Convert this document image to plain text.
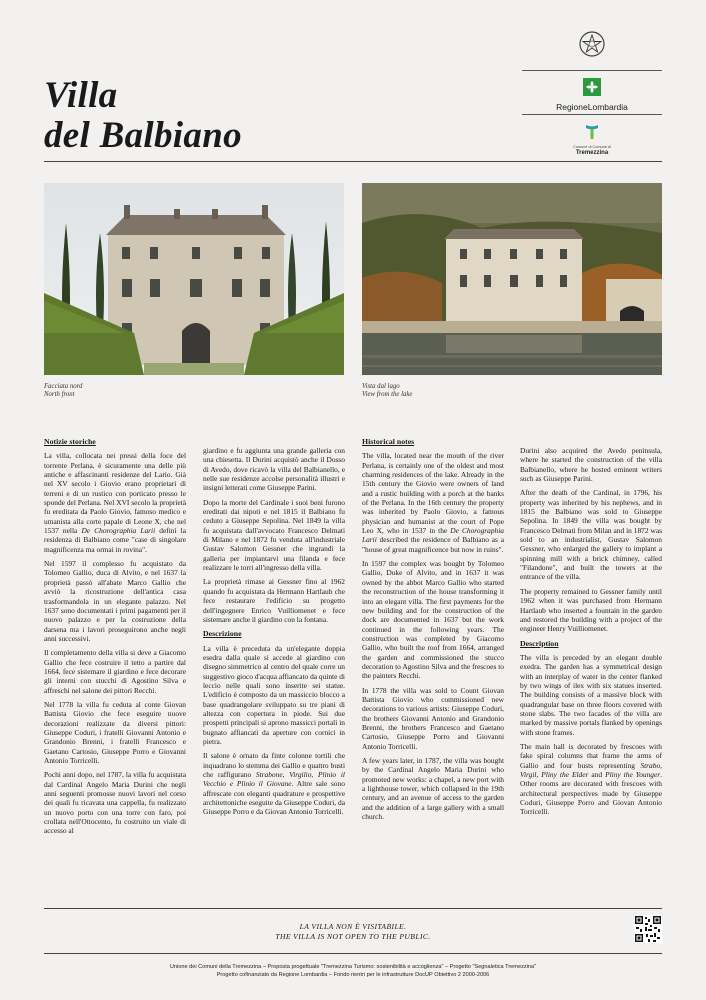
Villa
del Balbiano
RegioneLombardia
Comune di Comune di
Tremezzina
Facciata nord
North front
Vista dal lago
View from the lake
Notizie storiche

La villa, collocata nei pressi della foce del torrente Perlana, è sicuramente una delle più antiche e affascinanti residenze del Lario. Già nel XV secolo i Giovio erano proprietari di terreni e di un rustico con porticato presso le sponde del Perlana. Nel XVI secolo la proprietà fu ereditata da Paolo Giovio, famoso medico e umanista alla corte papale di Leone X, che nel 1537 nella De Chorographia Larii definì la residenza di Balbiano come "case di singolare magnificenza ma ormai in rovina".

Nel 1597 il complesso fu acquistato da Tolomeo Gallio, duca di Alvito, e nel 1637 la proprietà passò all'abate Marco Gallio che avviò la ricostruzione dell'antica casa trasformandola in un elegante palazzo. Nel 1637 sono documentati i primi pagamenti per il nuovo palazzo e per la costruzione della darsena ma i lavori proseguirono anche negli anni successivi.

Il completamento della villa si deve a Giacomo Gallio che fece costruire il tetto a partire dal 1664, fece sistemare il giardino e fece decorare gli interni con stucchi di Agostino Silva e affreschi nel salone dei pittori Recchi.

Nel 1778 la villa fu ceduta al conte Giovan Battista Giovio che fece eseguire nuove decorazioni realizzate da diversi pittori: Giuseppe Coduri, i fratelli Giovanni Antonio e Grandonio Brenni, i fratelli Francesco e Gaetano Cartosio, Giuseppe Porro e Giovanni Antonio Torricelli.

Pochi anni dopo, nel 1787, la villa fu acquistata dal Cardinal Angelo Maria Durini che negli anni seguenti promosse nuovi lavori nel corso dei quali fu ricavata una cappella, fu realizzato un nuovo porto con una torre con faro, poi crollata nell'Ottocento, fu costruito un viale di accesso al

giardino e fu aggiunta una grande galleria con una chiesetta. Il Durini acquistò anche il Dosso di Avedo, dove ricavò la villa del Balbianello, e nelle sue residenze accolse personalità illustri e insigni letterati come Giuseppe Parini.

Dopo la morte del Cardinale i suoi beni furono ereditati dai nipoti e nel 1815 il Balbiano fu ceduto a Giuseppe Sepolina. Nel 1849 la villa fu acquistata dall'avvocato Francesco Delmati di Milano e nel 1872 fu venduta all'industriale Gustav Salomon Gessner che ingrandì la galleria per impiantarvi una filanda e fece realizzare le torri all'ingresso della villa.

La proprietà rimase ai Gessner fino al 1962 quando fu acquistata da Hermann Hartlaub che fece restaurare l'edificio su progetto dell'ingegnere Enrico Vuilliomenet e fece sistemare anche il giardino con la fontana.

Descrizione

La villa è preceduta da un'elegante doppia esedra dalla quale si accede al giardino con disegno simmetrico al centro del quale corre un suggestivo gioco d'acqua affiancato da quinte di leccio nelle quali sono inserite sei statue. L'edificio è composto da un massiccio blocco a base quadrangolare sviluppato su tre piani di altezza con copertura in piode. Sui due prospetti principali si aprono massicci portali in bugnato affiancati da aperture con cornici in pietra.

Il salone è ornato da finte colonne tortili che inquadrano lo stemma dei Gallio e quattro busti che raffigurano Strabone, Virgilio, Plinio il Vecchio e Plinio il Giovane. Altre sale sono affrescate con eleganti quadrature e prospettive architettoniche eseguite da Giuseppe Coduri, da Giuseppe Porro e da Giovan Antonio Torricelli.

Historical notes

The villa, located near the mouth of the river Perlana, is certainly one of the oldest and most charming residences of the lake. Already in the 15th century the Giovio were owners of land and a rustic building with a porch at the banks of the Perlana. In the 16th century the property was inherited by Paolo Giovio, a famous physician and humanist at the court of Pope Leo X, who in 1537 in the De Chorographia Larii described the residence of Balbiano as a "house of great magnificence but now in ruins".

In 1597 the complex was bought by Tolomeo Gallio, Duke of Alvito, and in 1637 it was owned by the abbot Marco Gallio who started the reconstruction of the house transforming it into an elegant villa. The first payments for the new building and for the construction of the dock are documented in 1637 but the work continued in the following years. The construction was completed by Giacomo Gallio, who built the roof from 1664, arranged the garden and commissioned the stucco decoration to Agostino Silva and the frescoes to the painters Recchi.

In 1778 the villa was sold to Count Giovan Battista Giovio who commissioned new decorations to various artists: Giuseppe Coduri, the brothers Giovanni Antonio and Grandonio Brenni, the brothers Francesco and Gaetano Cartosio, Giuseppe Porro and Giovanni Antonio Torricelli.

A few years later, in 1787, the villa was bought by the Cardinal Angelo Maria Durini who promoted new works: a chapel, a new port with a lighthouse tower, which collapsed in the 19th century, and an avenue of access to the garden and the addition of a large gallery with a small church.

Durini also acquired the Avedo peninsula, where he started the construction of the villa Balbianello, where he hosted eminent writers such as Giuseppe Parini.

After the death of the Cardinal, in 1796, his property was inherited by his nephews, and in 1815 the Balbiano was sold to Giuseppe Sepolina. In 1849 the villa was bought by Francesco Delmati from Milan and in 1872 was sold to an industrialist, Gustav Salomon Gessner, who enlarged the gallery to implant a spinning mill with a brick chimney, called "Filandone", and built the towers at the entrance of the villa.

The property remained to Gessner family until 1962 when it was purchased from Hermann Hartlaub who inserted a fountain in the garden and restored the building with a project of the engineer Henry Vuilliomenet.

Description

The villa is preceded by an elegant double exedra. The garden has a symmetrical design with an interplay of water in the center flanked by two wings of ilex with six statues inserted. The building consists of a massive block with quadrangular base on three floors covered with stone slabs. The two facades of the villa are marked by massive portals flanked by openings with stone frames.

The main hall is decorated by frescoes with fake spiral columns that frame the arms of Gallio and four busts representing Strabo, Virgil, Pliny the Elder and Pliny the Younger. Other rooms are decorated with frescoes with architectural perspectives made by Giuseppe Coduri, Giuseppe Porro and Giovan Antonio Torricelli.

LA VILLA NON È VISITABILE.
THE VILLA IS NOT OPEN TO THE PUBLIC.
Unione dei Comuni della Tremezzina – Proposta progettuale "Tremezzina Turismo: sostenibilità e accoglienza" – Progetto "Segnaletica Tremezzina"
Progetto cofinanziato da Regione Lombardia – Fondo rientri per le infrastrutture DocUP Obiettivo 2 2000-2006
